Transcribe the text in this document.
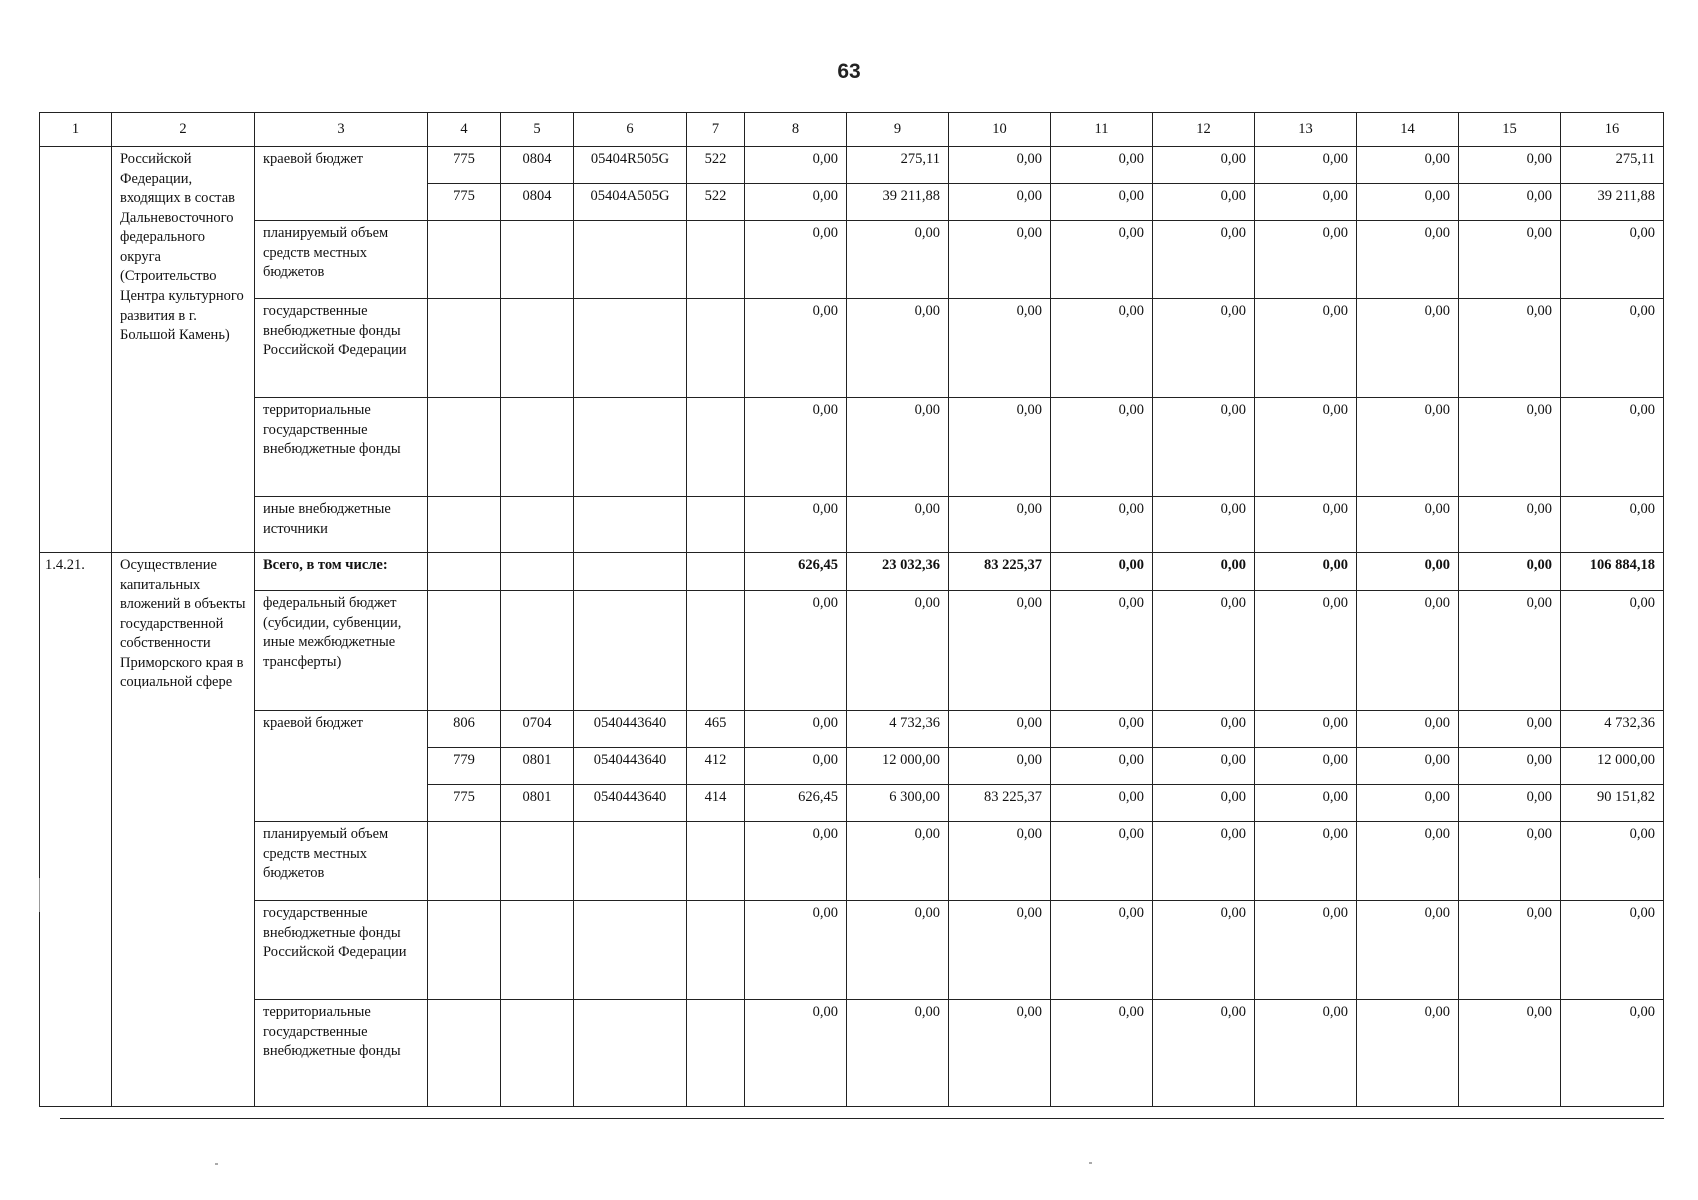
63
1	2	3	4	5	6	7	8	9	10	11	12	13	14	15	16
	Российской Федерации, входящих в состав Дальневосточного федерального округа (Строительство Центра культурного развития в г. Большой Камень)	краевой бюджет	775	0804	05404R505G	522	0,00	275,11	0,00	0,00	0,00	0,00	0,00	0,00	275,11
			775	0804	05404A505G	522	0,00	39 211,88	0,00	0,00	0,00	0,00	0,00	0,00	39 211,88
		планируемый объем средств местных бюджетов					0,00	0,00	0,00	0,00	0,00	0,00	0,00	0,00	0,00
		государственные внебюджетные фонды Российской Федерации					0,00	0,00	0,00	0,00	0,00	0,00	0,00	0,00	0,00
		территориальные государственные внебюджетные фонды					0,00	0,00	0,00	0,00	0,00	0,00	0,00	0,00	0,00
		иные внебюджетные источники					0,00	0,00	0,00	0,00	0,00	0,00	0,00	0,00	0,00
1.4.21.	Осуществление капитальных вложений в объекты государственной собственности Приморского края в социальной сфере	Всего, в том числе:					626,45	23 032,36	83 225,37	0,00	0,00	0,00	0,00	0,00	106 884,18
		федеральный бюджет (субсидии, субвенции, иные межбюджетные трансферты)					0,00	0,00	0,00	0,00	0,00	0,00	0,00	0,00	0,00
		краевой бюджет	806	0704	0540443640	465	0,00	4 732,36	0,00	0,00	0,00	0,00	0,00	0,00	4 732,36
			779	0801	0540443640	412	0,00	12 000,00	0,00	0,00	0,00	0,00	0,00	0,00	12 000,00
			775	0801	0540443640	414	626,45	6 300,00	83 225,37	0,00	0,00	0,00	0,00	0,00	90 151,82
		планируемый объем средств местных бюджетов					0,00	0,00	0,00	0,00	0,00	0,00	0,00	0,00	0,00
		государственные внебюджетные фонды Российской Федерации					0,00	0,00	0,00	0,00	0,00	0,00	0,00	0,00	0,00
		территориальные государственные внебюджетные фонды					0,00	0,00	0,00	0,00	0,00	0,00	0,00	0,00	0,00
